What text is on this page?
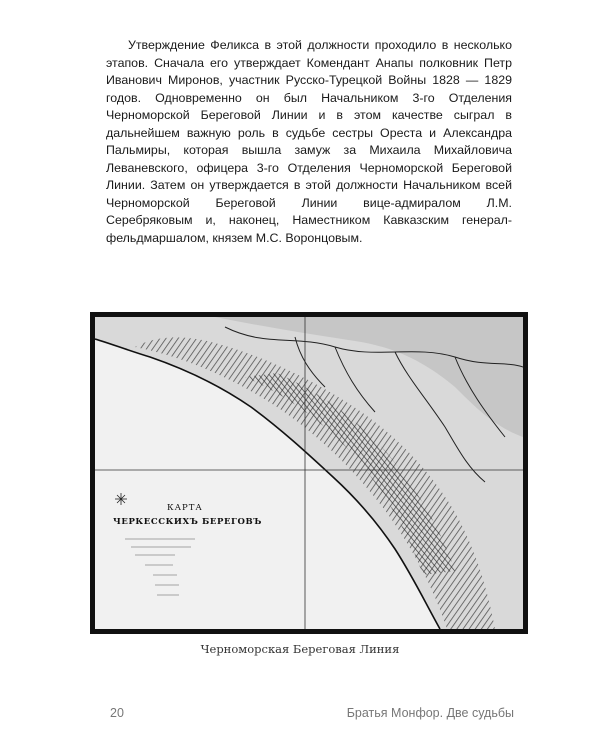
Утверждение Феликса в этой должности проходило в несколько этапов. Сначала его утверждает Комендант Анапы полковник Петр Иванович Миронов, участник Русско-Турецкой Войны 1828 — 1829 годов. Одновременно он был Начальником 3-го Отделения Черноморской Береговой Линии и в этом качестве сыграл в дальнейшем важную роль в судьбе сестры Ореста и Александра Пальмиры, которая вышла замуж за Михаила Михайловича Леваневского, офицера 3-го Отделения Черноморской Береговой Линии. Затем он утверждается в этой должности Начальником всей Черноморской Береговой Линии вице-адмиралом Л.М. Серебряковым и, наконец, Наместником Кавказским генерал-фельдмаршалом, князем М.С. Воронцовым.

КАРТА
ЧЕРКЕССКИХЪ БЕРЕГОВЪ
Черноморская Береговая Линия
20	Братья Монфор. Две судьбы
